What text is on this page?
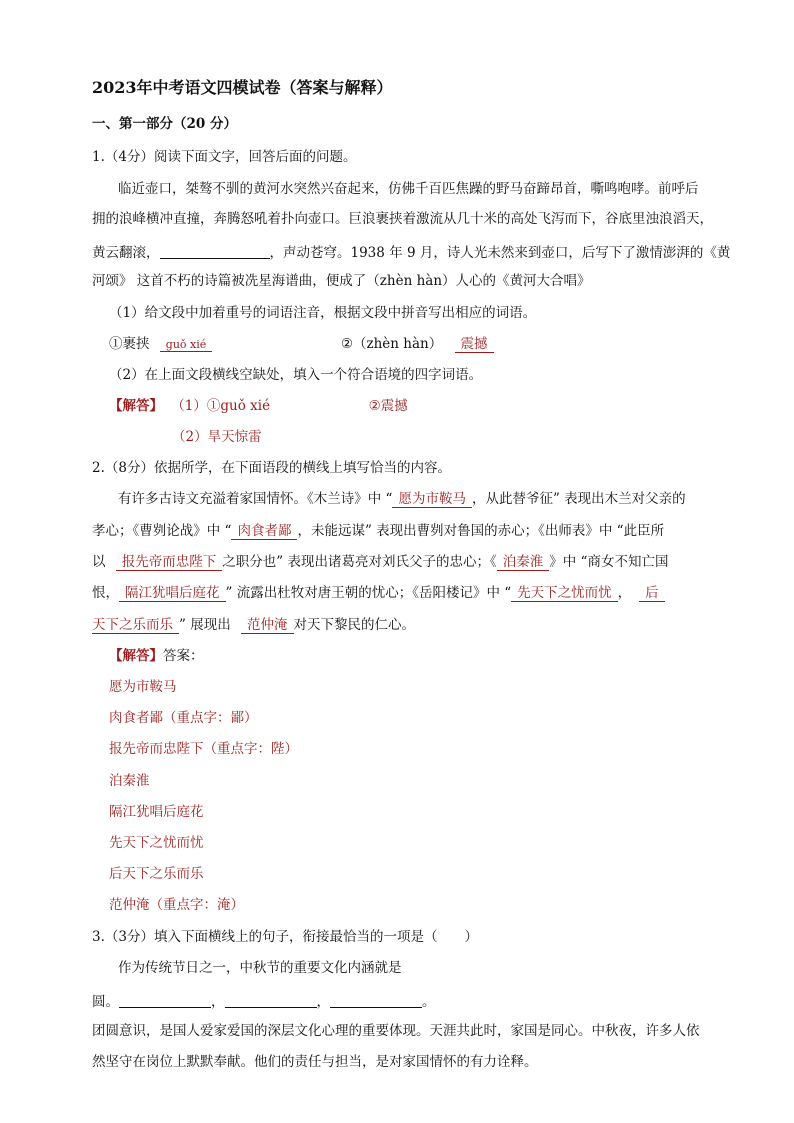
2023年中考语文四模试卷（答案与解释）
一、第一部分（20 分）
1.（4分）阅读下面文字，回答后面的问题。
临近壶口，桀骜不驯的黄河水突然兴奋起来，仿佛千百匹焦躁的野马奋蹄昂首，嘶鸣咆哮。前呼后
拥的浪峰横冲直撞，奔腾怒吼着扑向壶口。巨浪裹挟着激流从几十米的高处飞泻而下，谷底里浊浪滔天，
黄云翻滚，	，声动苍穹。1938 年 9 月，诗人光未然来到壶口，后写下了激情澎湃的《黄
河颂》 这首不朽的诗篇被冼星海谱曲，便成了（zhèn hàn）人心的《黄河大合唱》
（1）给文段中加着重号的词语注音，根据文段中拼音写出相应的词语。
①裹挟 guǒ xié	②（zhèn hàn） 震撼
（2）在上面文段横线空缺处，填入一个符合语境的四字词语。
【解答】 （1）①guǒ xié	②震撼
（2）旱天惊雷
2.（8分）依据所学，在下面语段的横线上填写恰当的内容。
有许多古诗文充溢着家国情怀。《木兰诗》中 “ 愿为市鞍马 ，从此替爷征” 表现出木兰对父亲的
孝心；《曹刿论战》中 “ 肉食者鄙 ，未能远谋” 表现出曹刿对鲁国的赤心；《出师表》中 “此臣所
以 报先帝而忠陛下 之职分也” 表现出诸葛亮对刘氏父子的忠心；《 泊秦淮 》中 “商女不知亡国
恨， 隔江犹唱后庭花 ” 流露出杜牧对唐王朝的忧心；《岳阳楼记》中 “ 先天下之忧而忧 ， 后
天下之乐而乐 ” 展现出 范仲淹 对天下黎民的仁心。
【解答】答案：
愿为市鞍马
肉食者鄙（重点字：鄙）
报先帝而忠陛下（重点字：陛）
泊秦淮
隔江犹唱后庭花
先天下之忧而忧
后天下之乐而乐
范仲淹（重点字：淹）
3.（3分）填入下面横线上的句子，衔接最恰当的一项是（　　）
作为传统节日之一，中秋节的重要文化内涵就是
圆。	，	，	。
团圆意识，是国人爱家爱国的深层文化心理的重要体现。天涯共此时，家国是同心。中秋夜，许多人依
然坚守在岗位上默默奉献。他们的责任与担当，是对家国情怀的有力诠释。
